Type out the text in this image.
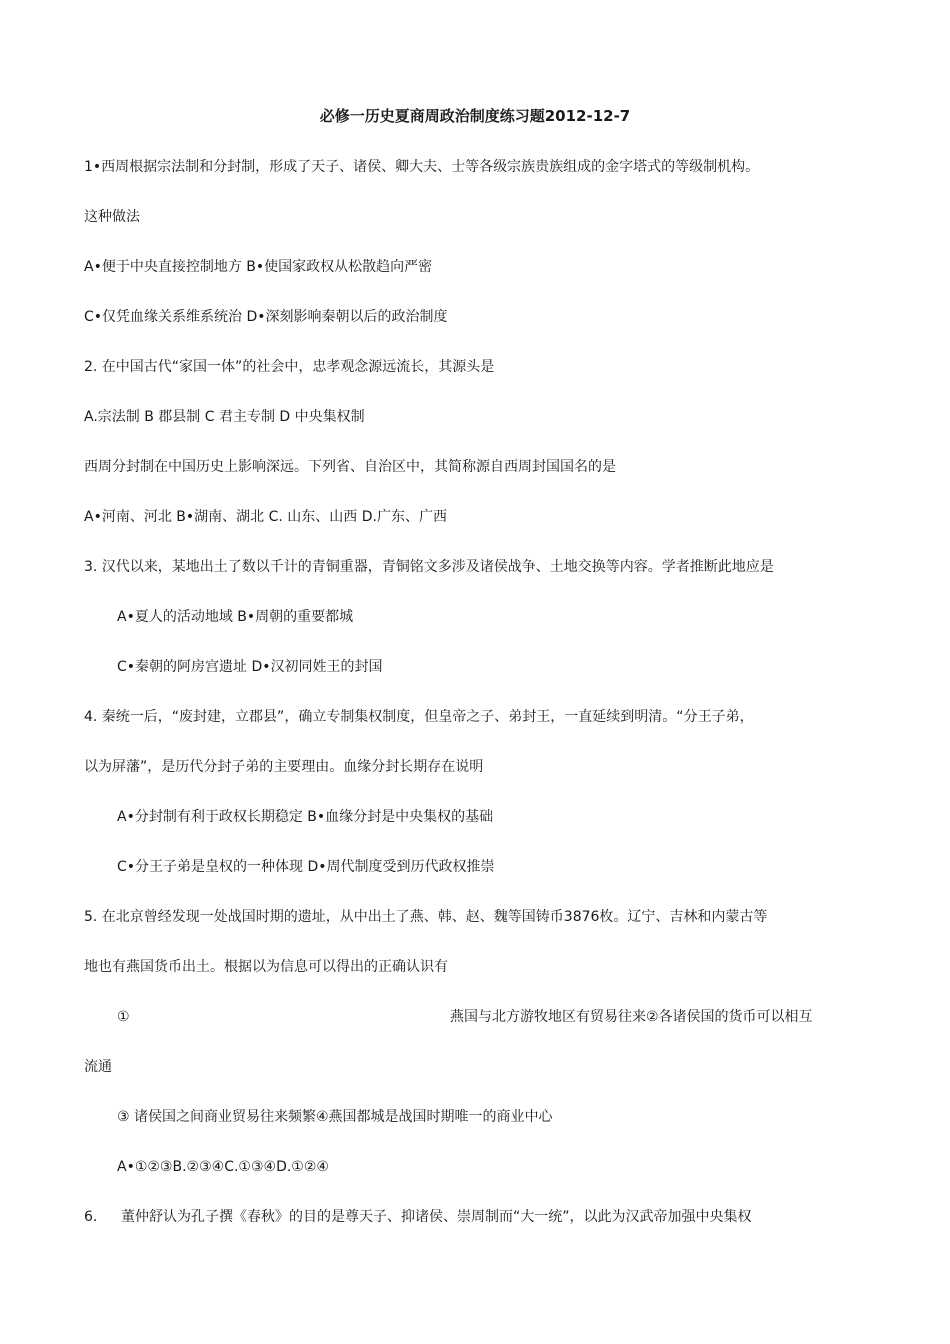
必修一历史夏商周政治制度练习题2012-12-7
1•西周根据宗法制和分封制，形成了天子、诸侯、卿大夫、士等各级宗族贵族组成的金字塔式的等级制机构。
这种做法
A•便于中央直接控制地方 B•使国家政权从松散趋向严密
C•仅凭血缘关系维系统治 D•深刻影响秦朝以后的政治制度
2. 在中国古代“家国一体”的社会中，忠孝观念源远流长，其源头是
A.宗法制 B 郡县制 C 君主专制 D 中央集权制
西周分封制在中国历史上影响深远。下列省、自治区中，其简称源自西周封国国名的是
A•河南、河北 B•湖南、湖北 C. 山东、山西 D.广东、广西
3. 汉代以来，某地出土了数以千计的青铜重器，青铜铭文多涉及诸侯战争、土地交换等内容。学者推断此地应是
A•夏人的活动地域 B•周朝的重要都城
C•秦朝的阿房宫遗址 D•汉初同姓王的封国
4. 秦统一后，“废封建，立郡县”，确立专制集权制度，但皇帝之子、弟封王，一直延续到明清。“分王子弟，
以为屏藩”，是历代分封子弟的主要理由。血缘分封长期存在说明
A•分封制有利于政权长期稳定 B•血缘分封是中央集权的基础
C•分王子弟是皇权的一种体现 D•周代制度受到历代政权推崇
5. 在北京曾经发现一处战国时期的遗址，从中出土了燕、韩、赵、魏等国铸币3876枚。辽宁、吉林和内蒙古等
地也有燕国货币出土。根据以为信息可以得出的正确认识有
①	燕国与北方游牧地区有贸易往来②各诸侯国的货币可以相互
流通
③ 诸侯国之间商业贸易往来频繁④燕国都城是战国时期唯一的商业中心
A•①②③B.②③④C.①③④D.①②④
6. 董仲舒认为孔子撰《春秋》的目的是尊天子、抑诸侯、崇周制而“大一统”，以此为汉武帝加强中央集权
